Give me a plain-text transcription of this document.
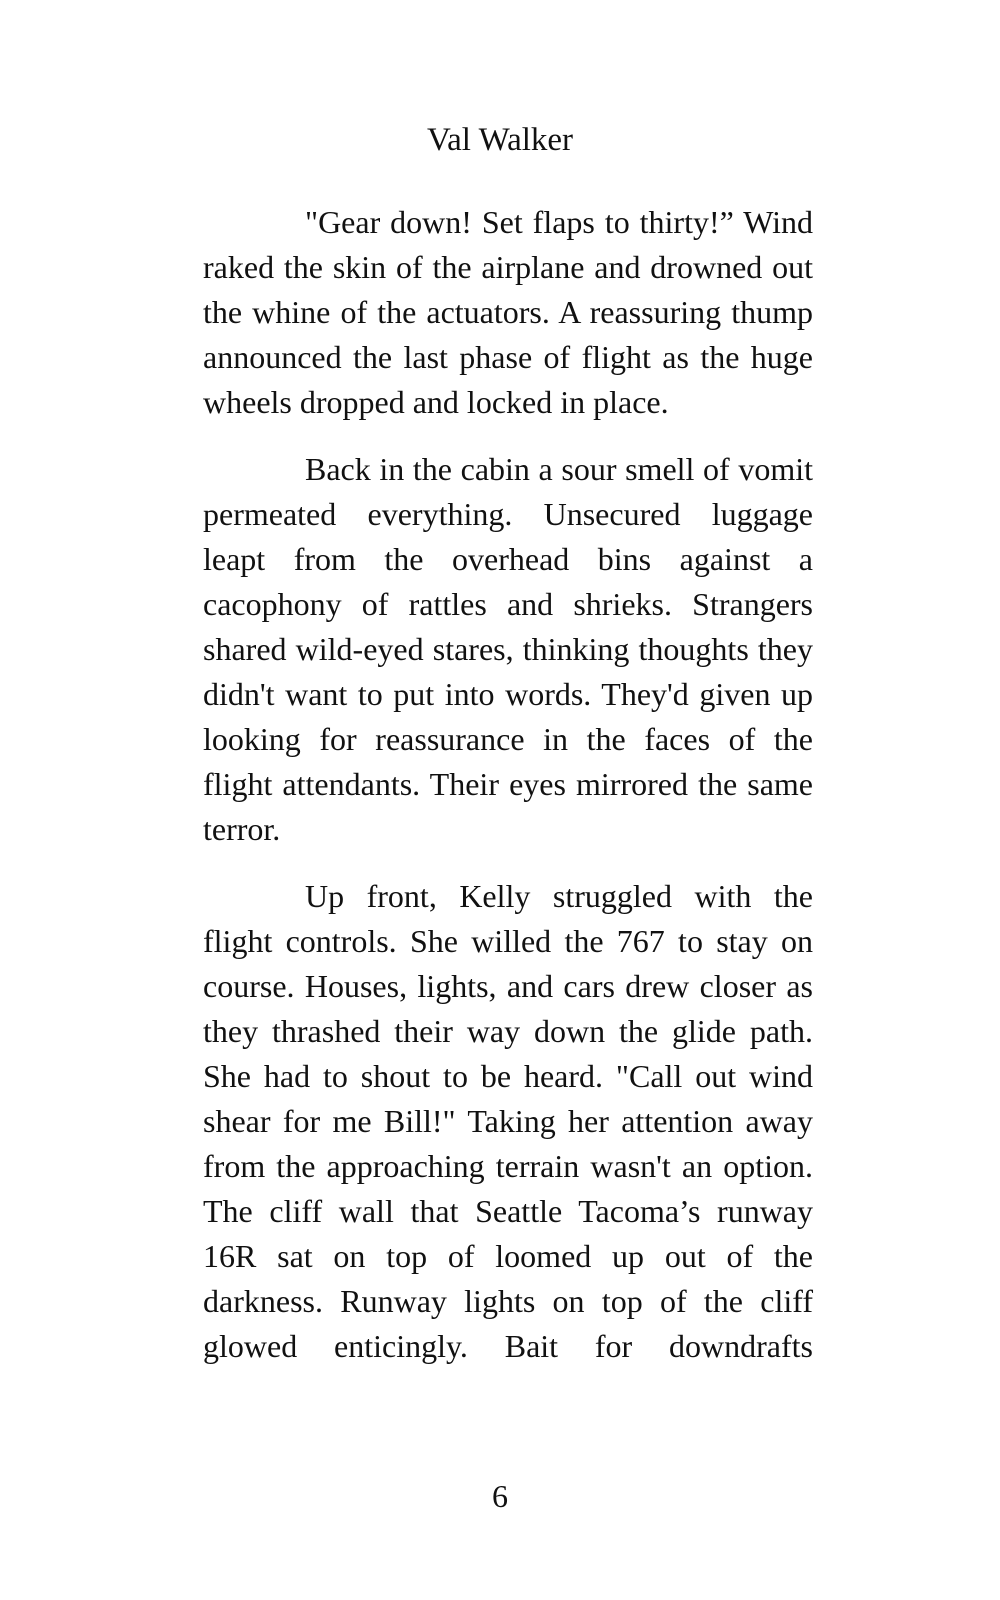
Val Walker

"Gear down! Set flaps to thirty!” Wind raked the skin of the airplane and drowned out the whine of the actuators. A reassuring thump announced the last phase of flight as the huge wheels dropped and locked in place.

Back in the cabin a sour smell of vomit permeated everything. Unsecured luggage leapt from the overhead bins against a cacophony of rattles and shrieks. Strangers shared wild-eyed stares, thinking thoughts they didn't want to put into words. They'd given up looking for reassurance in the faces of the flight attendants. Their eyes mirrored the same terror.

Up front, Kelly struggled with the flight controls. She willed the 767 to stay on course. Houses, lights, and cars drew closer as they thrashed their way down the glide path. She had to shout to be heard. "Call out wind shear for me Bill!" Taking her attention away from the approaching terrain wasn't an option. The cliff wall that Seattle Tacoma’s runway 16R sat on top of loomed up out of the darkness. Runway lights on top of the cliff glowed enticingly. Bait for downdrafts

6
